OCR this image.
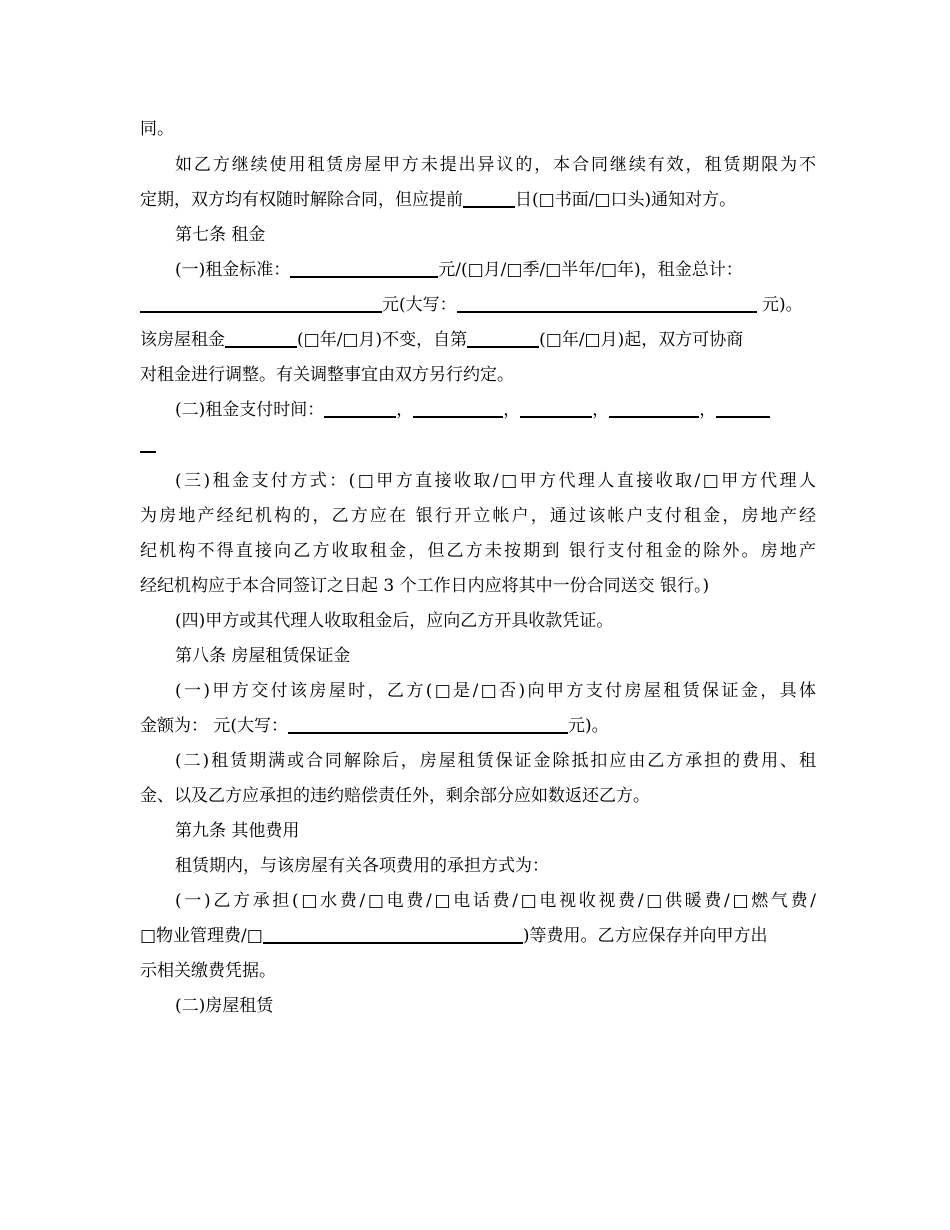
同。
如乙方继续使用租赁房屋甲方未提出异议的，本合同继续有效，租赁期限为不
定期，双方均有权随时解除合同，但应提前	日(□书面/□口头)通知对方。
第七条 租金
(一)租金标准：	元/(□月/□季/□半年/□年)，租金总计：
元(大写：	元)。
该房屋租金	(□年/□月)不变，自第	(□年/□月)起，双方可协商
对租金进行调整。有关调整事宜由双方另行约定。
(二)租金支付时间：	，	，	，	，
(三)租金支付方式：(□甲方直接收取/□甲方代理人直接收取/□甲方代理人
为房地产经纪机构的，乙方应在 银行开立帐户，通过该帐户支付租金，房地产经
纪机构不得直接向乙方收取租金，但乙方未按期到 银行支付租金的除外。房地产
经纪机构应于本合同签订之日起 3 个工作日内应将其中一份合同送交 银行。)
(四)甲方或其代理人收取租金后，应向乙方开具收款凭证。
第八条 房屋租赁保证金
(一)甲方交付该房屋时，乙方(□是/□否)向甲方支付房屋租赁保证金，具体
金额为： 元(大写：	元)。
(二)租赁期满或合同解除后，房屋租赁保证金除抵扣应由乙方承担的费用、租
金、以及乙方应承担的违约赔偿责任外，剩余部分应如数返还乙方。
第九条 其他费用
租赁期内，与该房屋有关各项费用的承担方式为：
(一)乙方承担(□水费/□电费/□电话费/□电视收视费/□供暖费/□燃气费/
□物业管理费/□	)等费用。乙方应保存并向甲方出
示相关缴费凭据。
(二)房屋租赁
